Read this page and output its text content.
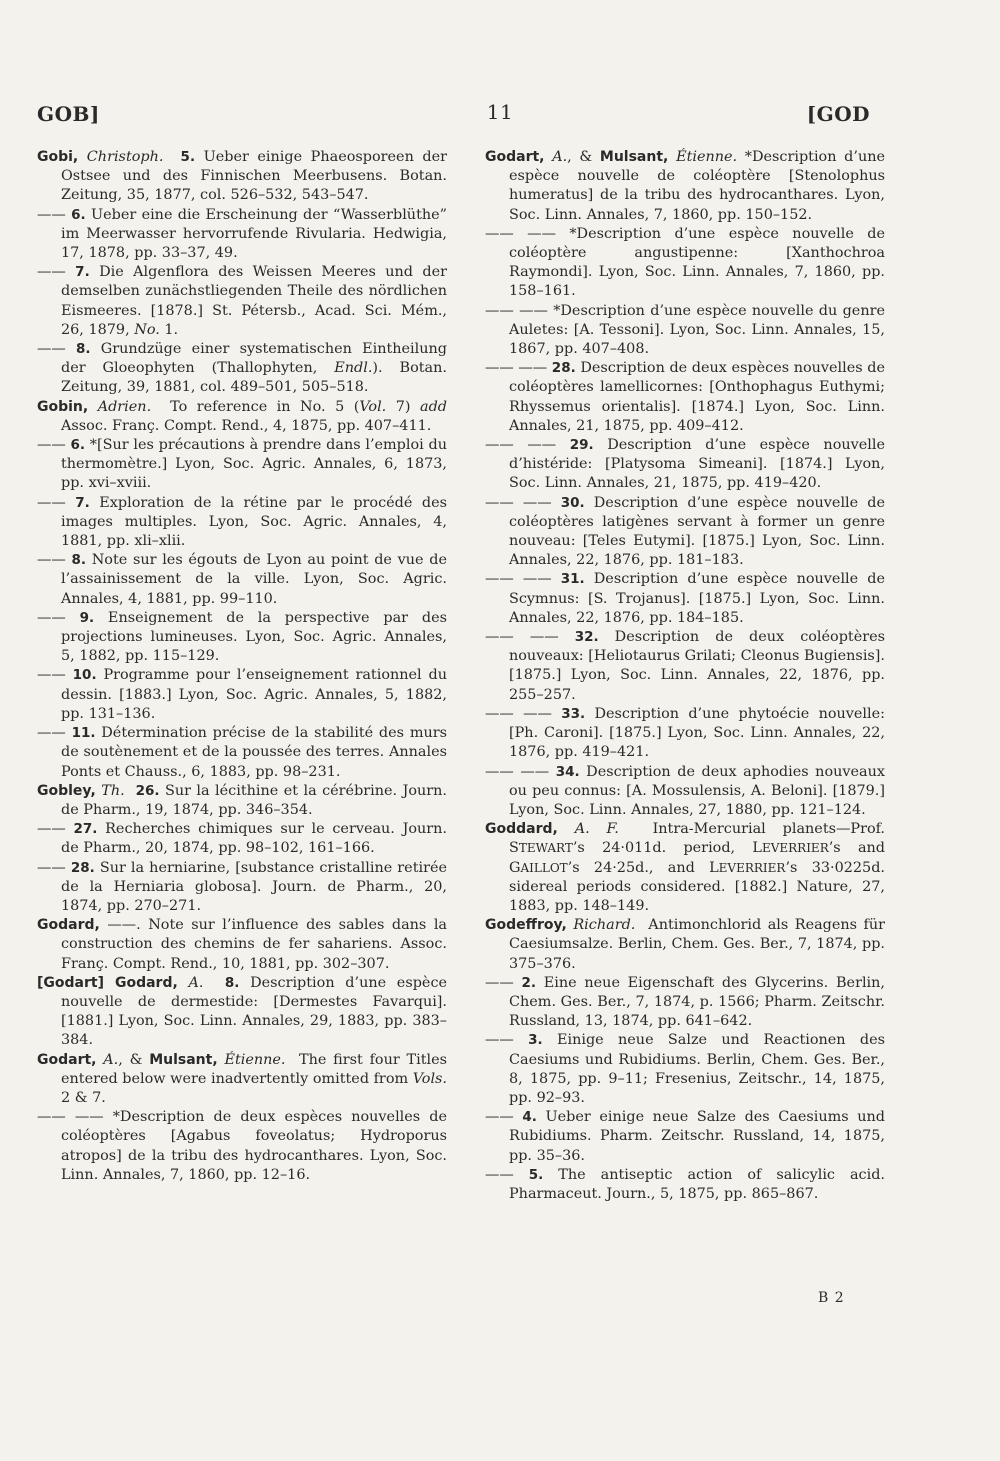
GOB]	11	[GOD
Gobi, Christoph. 5. Ueber einige Phaeosporeen der Ostsee und des Finnischen Meerbusens. Botan. Zeitung, 35, 1877, col. 526–532, 543–547.
—— 6. Ueber eine die Erscheinung der “Wasserblüthe” im Meerwasser hervorrufende Rivularia. Hedwigia, 17, 1878, pp. 33–37, 49.
—— 7. Die Algenflora des Weissen Meeres und der demselben zunächstliegenden Theile des nördlichen Eismeeres. [1878.] St. Pétersb., Acad. Sci. Mém., 26, 1879, No. 1.
—— 8. Grundzüge einer systematischen Eintheilung der Gloeophyten (Thallophyten, Endl.). Botan. Zeitung, 39, 1881, col. 489–501, 505–518.
Gobin, Adrien.  To reference in No. 5 (Vol. 7) add Assoc. Franç. Compt. Rend., 4, 1875, pp. 407–411.
—— 6. *[Sur les précautions à prendre dans l’emploi du thermomètre.] Lyon, Soc. Agric. Annales, 6, 1873, pp. xvi–xviii.
—— 7. Exploration de la rétine par le procédé des images multiples. Lyon, Soc. Agric. Annales, 4, 1881, pp. xli–xlii.
—— 8. Note sur les égouts de Lyon au point de vue de l’assainissement de la ville. Lyon, Soc. Agric. Annales, 4, 1881, pp. 99–110.
—— 9. Enseignement de la perspective par des projections lumineuses. Lyon, Soc. Agric. Annales, 5, 1882, pp. 115–129.
—— 10. Programme pour l’enseignement rationnel du dessin. [1883.] Lyon, Soc. Agric. Annales, 5, 1882, pp. 131–136.
—— 11. Détermination précise de la stabilité des murs de soutènement et de la poussée des terres. Annales Ponts et Chauss., 6, 1883, pp. 98–231.
Gobley, Th. 26. Sur la lécithine et la cérébrine. Journ. de Pharm., 19, 1874, pp. 346–354.
—— 27. Recherches chimiques sur le cerveau. Journ. de Pharm., 20, 1874, pp. 98–102, 161–166.
—— 28. Sur la herniarine, [substance cristalline retirée de la Herniaria globosa]. Journ. de Pharm., 20, 1874, pp. 270–271.
Godard, ——. Note sur l’influence des sables dans la construction des chemins de fer sahariens. Assoc. Franç. Compt. Rend., 10, 1881, pp. 302–307.
[Godart] Godard, A. 8. Description d’une espèce nouvelle de dermestide: [Dermestes Favarqui]. [1881.] Lyon, Soc. Linn. Annales, 29, 1883, pp. 383–384.
Godart, A., & Mulsant, Étienne.  The first four Titles entered below were inadvertently omitted from Vols. 2 & 7.
—— —— *Description de deux espèces nouvelles de coléoptères [Agabus foveolatus; Hydroporus atropos] de la tribu des hydrocanthares. Lyon, Soc. Linn. Annales, 7, 1860, pp. 12–16.
Godart, A., & Mulsant, Étienne. *Description d’une espèce nouvelle de coléoptère [Stenolophus humeratus] de la tribu des hydrocanthares. Lyon, Soc. Linn. Annales, 7, 1860, pp. 150–152.
—— —— *Description d’une espèce nouvelle de coléoptère angustipenne: [Xanthochroa Raymondi]. Lyon, Soc. Linn. Annales, 7, 1860, pp. 158–161.
—— —— *Description d’une espèce nouvelle du genre Auletes: [A. Tessoni]. Lyon, Soc. Linn. Annales, 15, 1867, pp. 407–408.
—— —— 28. Description de deux espèces nouvelles de coléoptères lamellicornes: [Onthophagus Euthymi; Rhyssemus orientalis]. [1874.] Lyon, Soc. Linn. Annales, 21, 1875, pp. 409–412.
—— —— 29. Description d’une espèce nouvelle d’histéride: [Platysoma Simeani]. [1874.] Lyon, Soc. Linn. Annales, 21, 1875, pp. 419–420.
—— —— 30. Description d’une espèce nouvelle de coléoptères latigènes servant à former un genre nouveau: [Teles Eutymi]. [1875.] Lyon, Soc. Linn. Annales, 22, 1876, pp. 181–183.
—— —— 31. Description d’une espèce nouvelle de Scymnus: [S. Trojanus]. [1875.] Lyon, Soc. Linn. Annales, 22, 1876, pp. 184–185.
—— —— 32. Description de deux coléoptères nouveaux: [Heliotaurus Grilati; Cleonus Bugiensis]. [1875.] Lyon, Soc. Linn. Annales, 22, 1876, pp. 255–257.
—— —— 33. Description d’une phytoécie nouvelle: [Ph. Caroni]. [1875.] Lyon, Soc. Linn. Annales, 22, 1876, pp. 419–421.
—— —— 34. Description de deux aphodies nouveaux ou peu connus: [A. Mossulensis, A. Beloni]. [1879.] Lyon, Soc. Linn. Annales, 27, 1880, pp. 121–124.
Goddard, A. F.  Intra-Mercurial planets—Prof. STEWART’s 24·011d. period, LEVERRIER’s and GAILLOT’s 24·25d., and LEVERRIER’s 33·0225d. sidereal periods considered. [1882.] Nature, 27, 1883, pp. 148–149.
Godeffroy, Richard.  Antimonchlorid als Reagens für Caesiumsalze. Berlin, Chem. Ges. Ber., 7, 1874, pp. 375–376.
—— 2. Eine neue Eigenschaft des Glycerins. Berlin, Chem. Ges. Ber., 7, 1874, p. 1566; Pharm. Zeitschr. Russland, 13, 1874, pp. 641–642.
—— 3. Einige neue Salze und Reactionen des Caesiums und Rubidiums. Berlin, Chem. Ges. Ber., 8, 1875, pp. 9–11; Fresenius, Zeitschr., 14, 1875, pp. 92–93.
—— 4. Ueber einige neue Salze des Caesiums und Rubidiums. Pharm. Zeitschr. Russland, 14, 1875, pp. 35–36.
—— 5. The antiseptic action of salicylic acid. Pharmaceut. Journ., 5, 1875, pp. 865–867.
B 2
